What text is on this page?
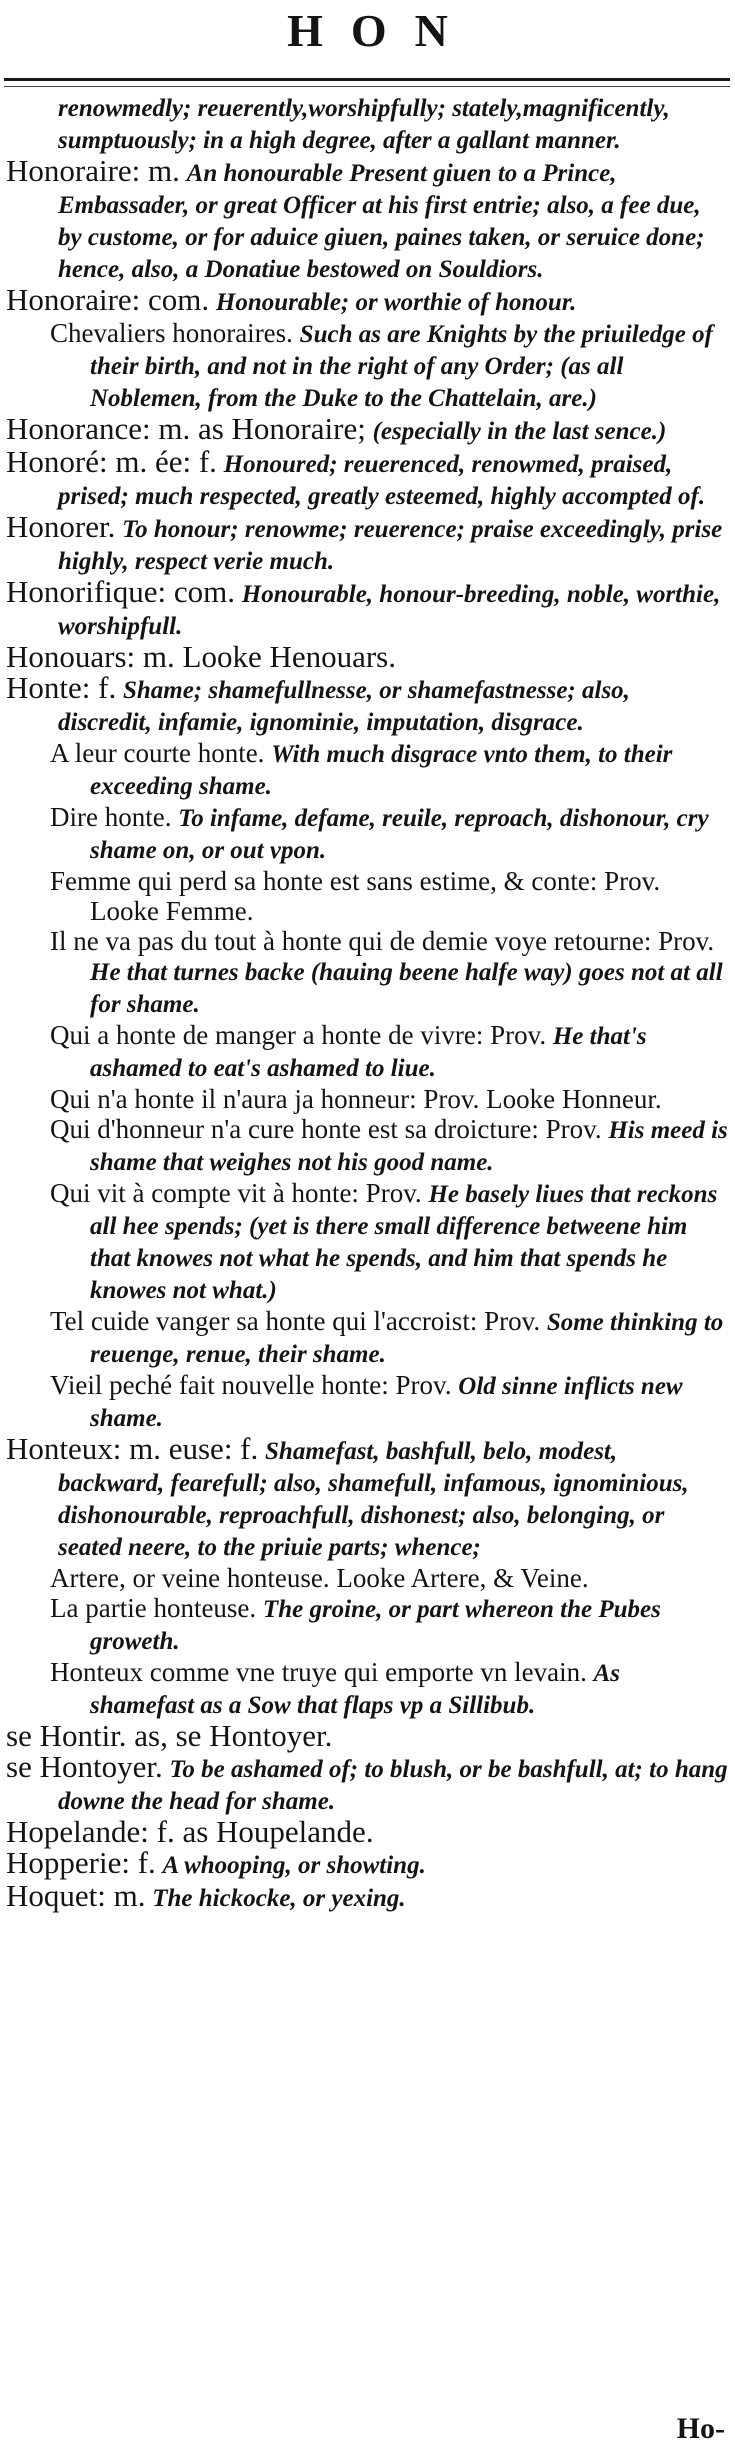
HON

renowmedly; reuerently,worshipfully; stately,magnificently, sumptuously; in a high degree, after a gallant manner.

Honoraire: m. An honourable Present giuen to a Prince, Embassader, or great Officer at his first entrie; also, a fee due, by custome, or for aduice giuen, paines taken, or seruice done; hence, also, a Donatiue bestowed on Souldiors.

Honoraire: com. Honourable; or worthie of honour.

Chevaliers honoraires. Such as are Knights by the priuiledge of their birth, and not in the right of any Order; (as all Noblemen, from the Duke to the Chattelain, are.)

Honorance: m. as Honoraire; (especially in the last sence.)

Honoré: m. ée: f. Honoured; reuerenced, renowmed, praised, prised; much respected, greatly esteemed, highly accompted of.

Honorer. To honour; renowme; reuerence; praise exceedingly, prise highly, respect verie much.

Honorifique: com. Honourable, honour-breeding, noble, worthie, worshipfull.

Honouars: m. Looke Henouars.

Honte: f. Shame; shamefullnesse, or shamefastnesse; also, discredit, infamie, ignominie, imputation, disgrace.

A leur courte honte. With much disgrace vnto them, to their exceeding shame.

Dire honte. To infame, defame, reuile, reproach, dishonour, cry shame on, or out vpon.

Femme qui perd sa honte est sans estime, & conte: Prov. Looke Femme.

Il ne va pas du tout à honte qui de demie voye retourne: Prov. He that turnes backe (hauing beene halfe way) goes not at all for shame.

Qui a honte de manger a honte de vivre: Prov. He that's ashamed to eat's ashamed to liue.

Qui n'a honte il n'aura ja honneur: Prov. Looke Honneur.

Qui d'honneur n'a cure honte est sa droicture: Prov. His meed is shame that weighes not his good name.

Qui vit à compte vit à honte: Prov. He basely liues that reckons all hee spends; (yet is there small difference betweene him that knowes not what he spends, and him that spends he knowes not what.)

Tel cuide vanger sa honte qui l'accroist: Prov. Some thinking to reuenge, renue, their shame.

Vieil peché fait nouvelle honte: Prov. Old sinne inflicts new shame.

Honteux: m. euse: f. Shamefast, bashfull, belo, modest, backward, fearefull; also, shamefull, infamous, ignominious, dishonourable, reproachfull, dishonest; also, belonging, or seated neere, to the priuie parts; whence;

Artere, or veine honteuse. Looke Artere, & Veine.

La partie honteuse. The groine, or part whereon the Pubes groweth.

Honteux comme vne truye qui emporte vn levain. As shamefast as a Sow that flaps vp a Sillibub.

se Hontir. as, se Hontoyer.

se Hontoyer. To be ashamed of; to blush, or be bashfull, at; to hang downe the head for shame.

Hopelande: f. as Houpelande.

Hopperie: f. A whooping, or showting.

Hoquet: m. The hickocke, or yexing.

Ho-
